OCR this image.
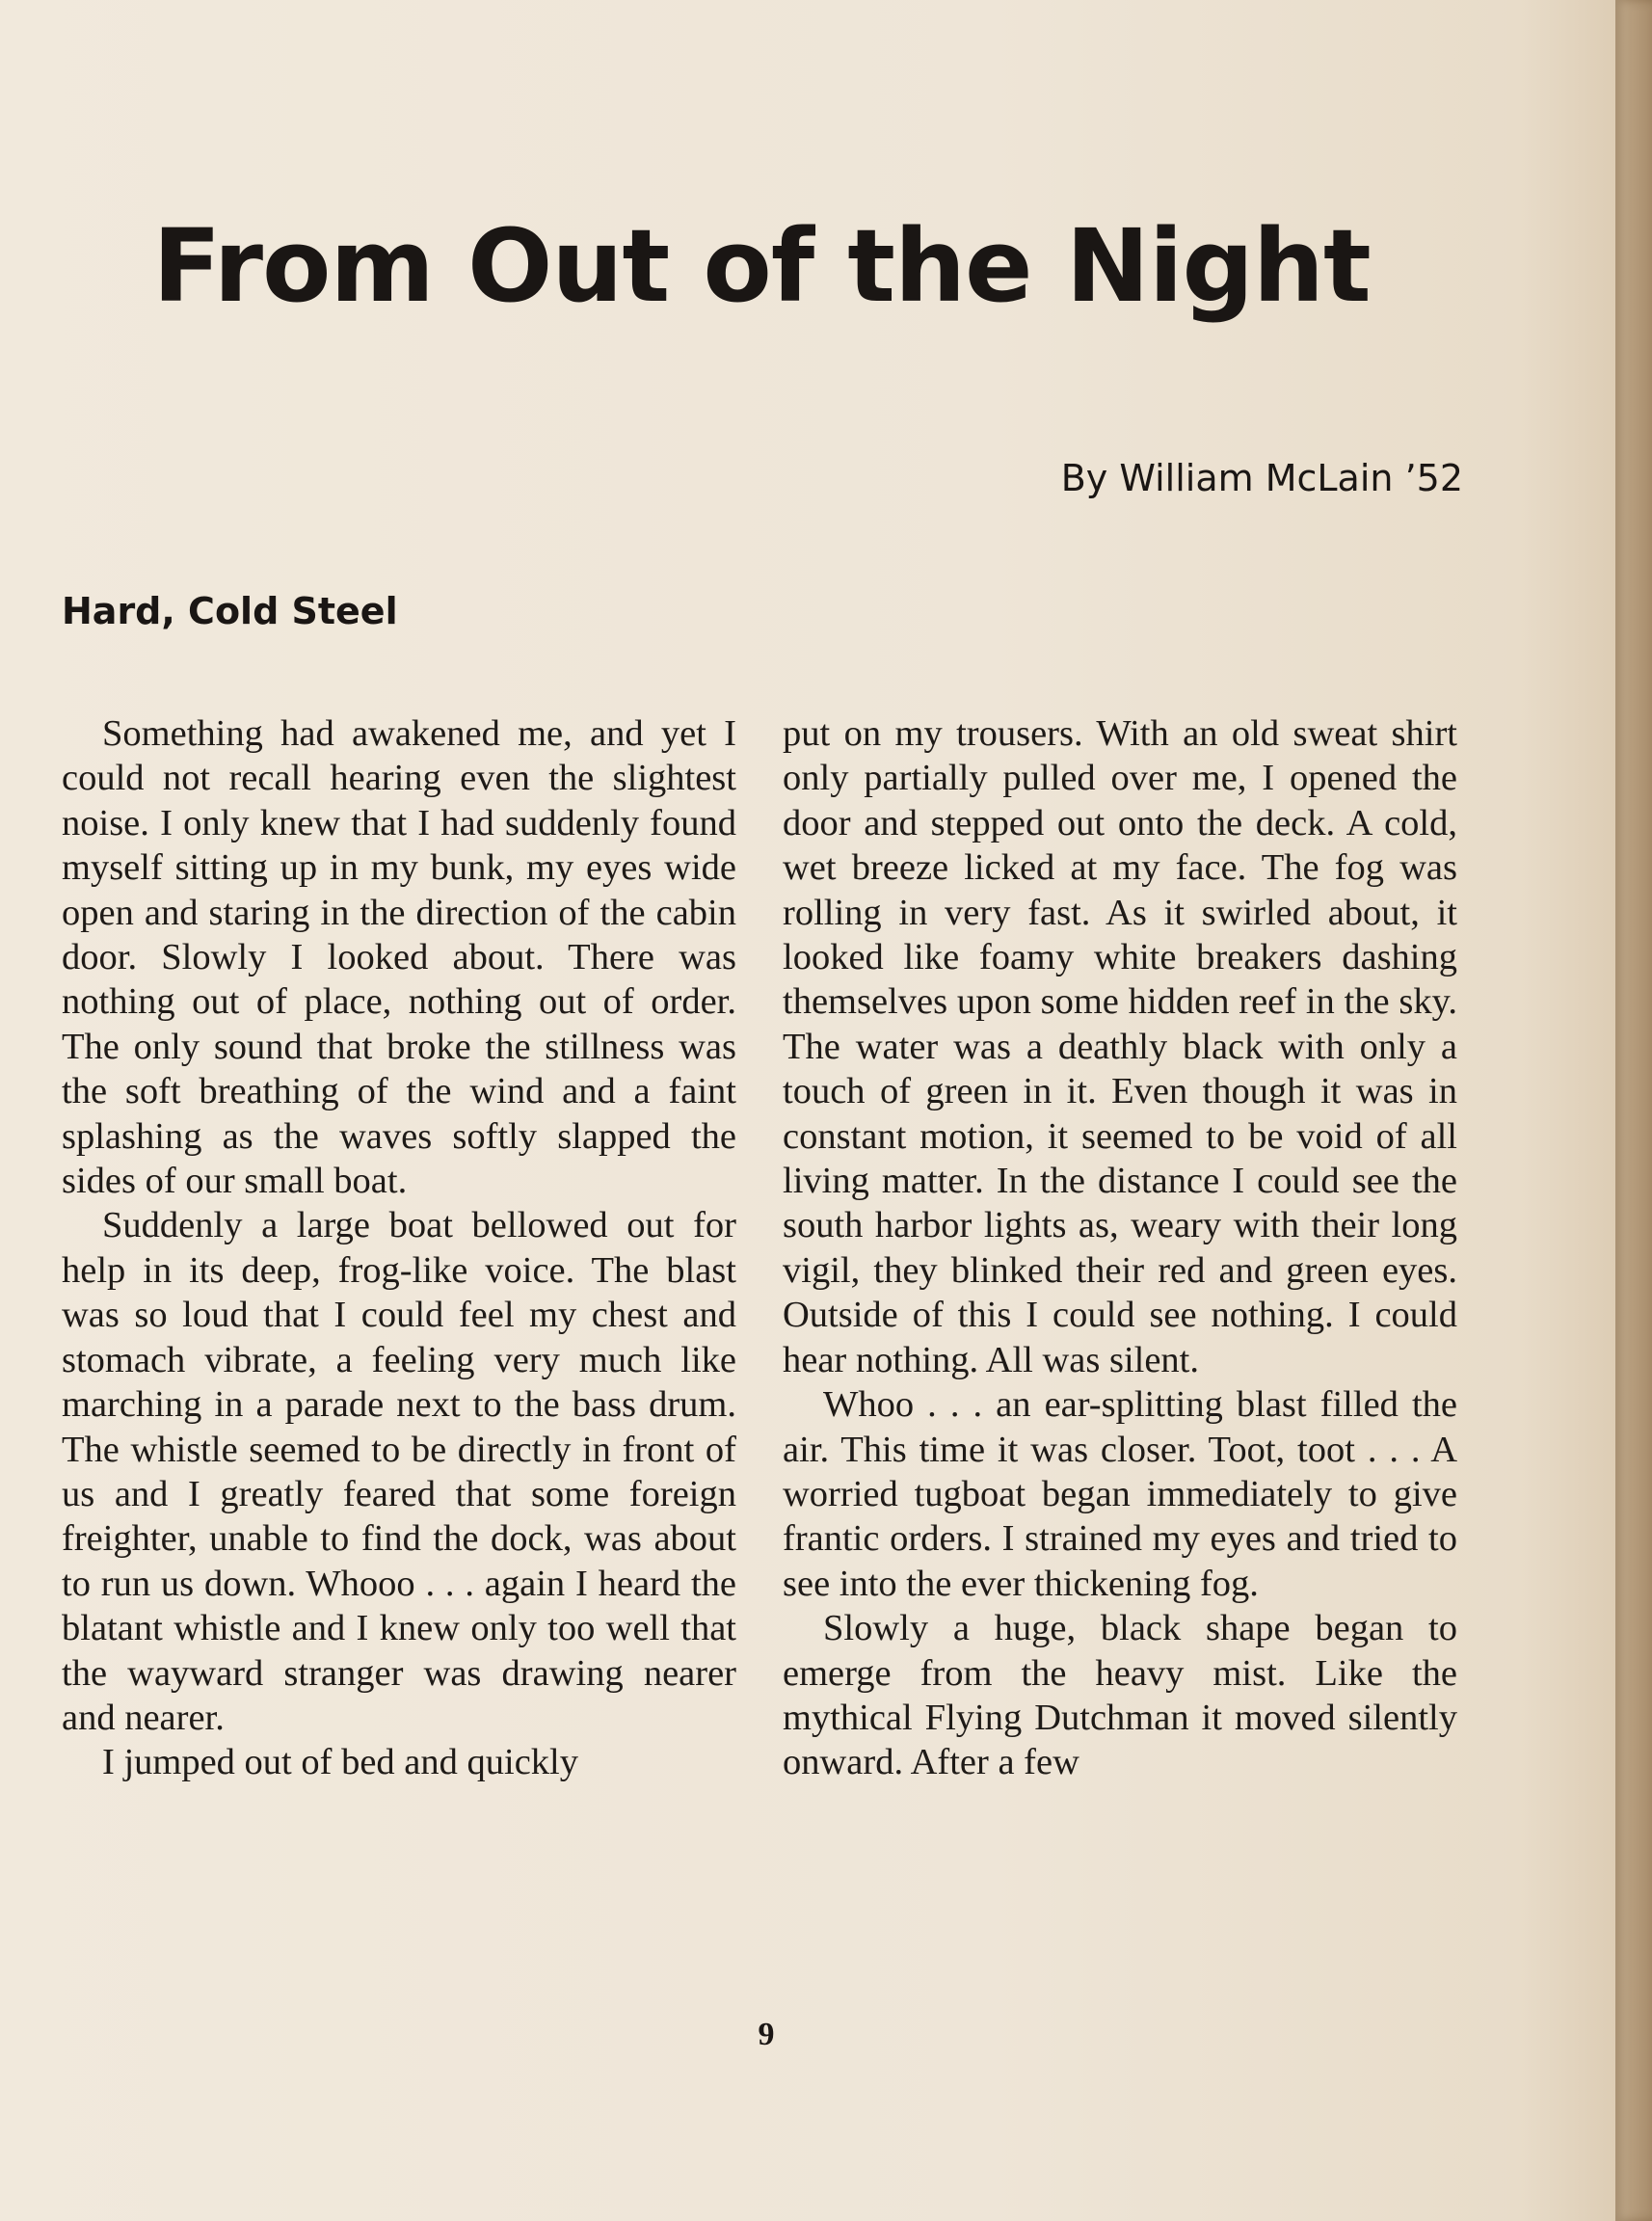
From Out of the Night
By William McLain ’52
Hard, Cold Steel

Something had awakened me, and yet I could not recall hearing even the slightest noise. I only knew that I had suddenly found myself sitting up in my bunk, my eyes wide open and staring in the direction of the cabin door. Slowly I looked about. There was nothing out of place, nothing out of order. The only sound that broke the stillness was the soft breathing of the wind and a faint splashing as the waves softly slapped the sides of our small boat.

Suddenly a large boat bellowed out for help in its deep, frog-like voice. The blast was so loud that I could feel my chest and stomach vibrate, a feeling very much like marching in a parade next to the bass drum. The whistle seemed to be directly in front of us and I greatly feared that some foreign freighter, unable to find the dock, was about to run us down. Whooo . . . again I heard the blatant whistle and I knew only too well that the wayward stranger was drawing nearer and nearer.

I jumped out of bed and quickly

put on my trousers. With an old sweat shirt only partially pulled over me, I opened the door and stepped out onto the deck. A cold, wet breeze licked at my face. The fog was rolling in very fast. As it swirled about, it looked like foamy white breakers dashing themselves upon some hidden reef in the sky. The water was a deathly black with only a touch of green in it. Even though it was in constant motion, it seemed to be void of all living matter. In the distance I could see the south harbor lights as, weary with their long vigil, they blinked their red and green eyes. Outside of this I could see nothing. I could hear nothing. All was silent.

Whoo . . . an ear-splitting blast filled the air. This time it was closer. Toot, toot . . . A worried tugboat began immediately to give frantic orders. I strained my eyes and tried to see into the ever thickening fog.

Slowly a huge, black shape began to emerge from the heavy mist. Like the mythical Flying Dutchman it moved silently onward. After a few

9
